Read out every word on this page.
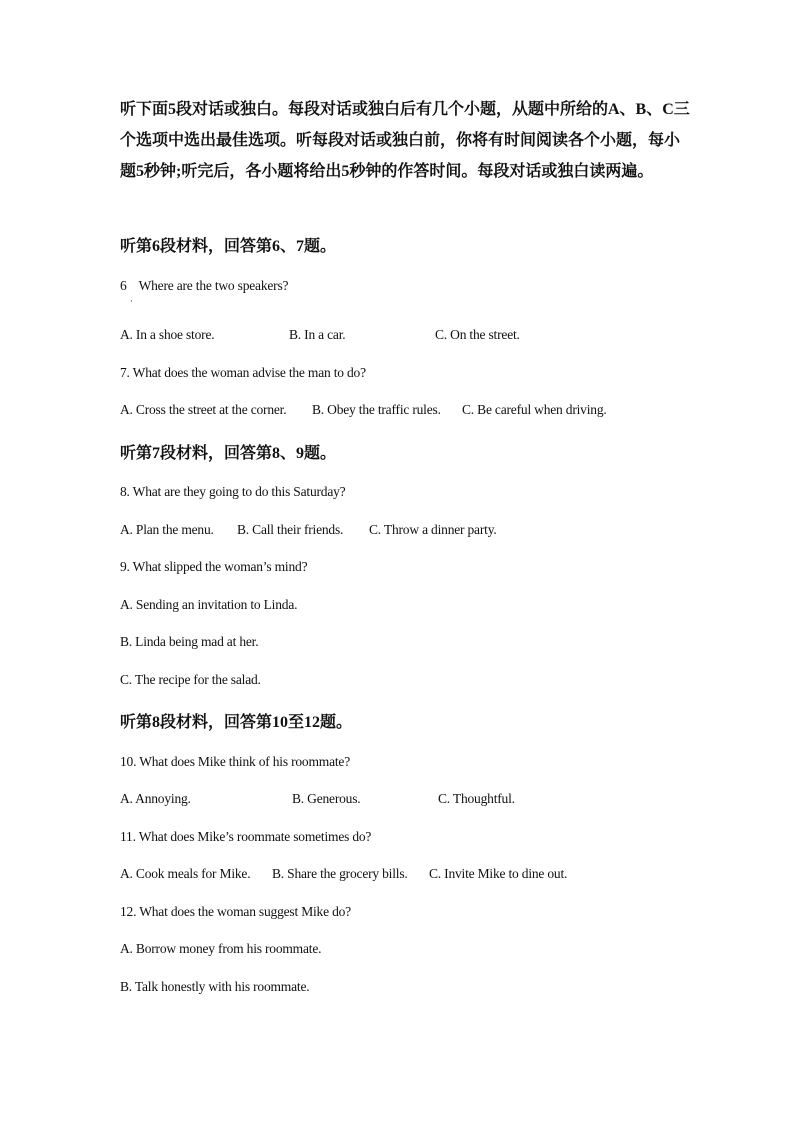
听下面5段对话或独白。每段对话或独白后有几个小题，从题中所给的A、B、C三个选项中选出最佳选项。听每段对话或独白前，你将有时间阅读各个小题，每小题5秒钟;听完后，各小题将给出5秒钟的作答时间。每段对话或独白读两遍。

听第6段材料，回答第6、7题。

6 Where are the two speakers?

·
A. In a shoe store.	B. In a car.	C. On the street.

7. What does the woman advise the man to do?

A. Cross the street at the corner. B. Obey the traffic rules. C. Be careful when driving.

听第7段材料，回答第8、9题。

8. What are they going to do this Saturday?

A. Plan the menu. B. Call their friends. C. Throw a dinner party.

9. What slipped the woman’s mind?

A. Sending an invitation to Linda.

B. Linda being mad at her.

C. The recipe for the salad.

听第8段材料，回答第10至12题。

10. What does Mike think of his roommate?

A. Annoying.	B. Generous.	C. Thoughtful.

11. What does Mike’s roommate sometimes do?

A. Cook meals for Mike. B. Share the grocery bills. C. Invite Mike to dine out.

12. What does the woman suggest Mike do?

A. Borrow money from his roommate.

B. Talk honestly with his roommate.
